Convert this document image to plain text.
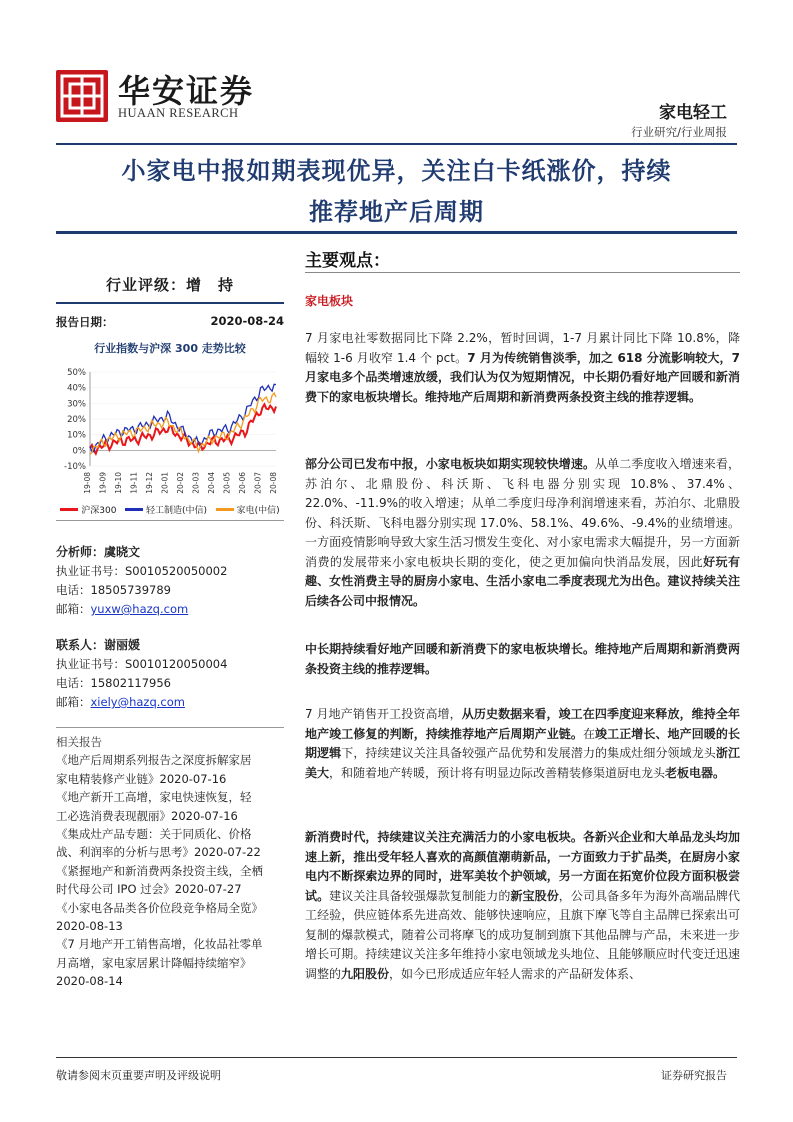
华安证券
HUAAN RESEARCH	家电轻工
行业研究/行业周报
小家电中报如期表现优异，关注白卡纸涨价，持续
推荐地产后周期
行业评级：增　持
报告日期：	2020-08-24
行业指数与沪深 300 走势比较
50%
40%
30%
20%
10%
0%
-10%
19-08 19-09 19-10 19-11 19-12 20-01 20-02 20-03 20-04 20-05 20-06 20-07 20-08
沪深300	轻工制造(中信)	家电(中信)
分析师：虞晓文
执业证书号：S0010520050002
电话：18505739789
邮箱：yuxw@hazq.com
联系人：谢丽媛
执业证书号：S0010120050004
电话：15802117956
邮箱：xiely@hazq.com
相关报告
《地产后周期系列报告之深度拆解家居
家电精装修产业链》2020-07-16
《地产新开工高增，家电快速恢复，轻
工必选消费表现靓丽》2020-07-16
《集成灶产品专题：关于同质化、价格
战、利润率的分析与思考》2020-07-22
《紧握地产和新消费两条投资主线，全栖
时代母公司 IPO 过会》2020-07-27
《小家电各品类各价位段竞争格局全览》
2020-08-13
《7 月地产开工销售高增，化妆品社零单
月高增，家电家居累计降幅持续缩窄》
2020-08-14
主要观点：
家电板块
7 月家电社零数据同比下降 2.2%，暂时回调，1-7 月累计同比下降 10.8%，降幅较 1-6 月收窄 1.4 个 pct。7 月为传统销售淡季，加之 618 分流影响较大，7 月家电多个品类增速放缓，我们认为仅为短期情况，中长期仍看好地产回暖和新消费下的家电板块增长。维持地产后周期和新消费两条投资主线的推荐逻辑。
部分公司已发布中报，小家电板块如期实现较快增速。从单二季度收入增速来看，苏泊尔、北鼎股份、科沃斯、飞科电器分别实现 10.8%、37.4%、22.0%、-11.9%的收入增速；从单二季度归母净利润增速来看，苏泊尔、北鼎股份、科沃斯、飞科电器分别实现 17.0%、58.1%、49.6%、-9.4%的业绩增速。一方面疫情影响导致大家生活习惯发生变化、对小家电需求大幅提升，另一方面新消费的发展带来小家电板块长期的变化，使之更加偏向快消品发展，因此好玩有趣、女性消费主导的厨房小家电、生活小家电二季度表现尤为出色。建议持续关注后续各公司中报情况。
中长期持续看好地产回暖和新消费下的家电板块增长。维持地产后周期和新消费两条投资主线的推荐逻辑。
7 月地产销售开工投资高增，从历史数据来看，竣工在四季度迎来释放，维持全年地产竣工修复的判断，持续推荐地产后周期产业链。在竣工正增长、地产回暖的长期逻辑下，持续建议关注具备较强产品优势和发展潜力的集成灶细分领域龙头浙江美大，和随着地产转暖，预计将有明显边际改善精装修渠道厨电龙头老板电器。
新消费时代，持续建议关注充满活力的小家电板块。各新兴企业和大单品龙头均加速上新，推出受年轻人喜欢的高颜值潮萌新品，一方面致力于扩品类，在厨房小家电内不断探索边界的同时，进军美妆个护领域，另一方面在拓宽价位段方面积极尝试。建议关注具备较强爆款复制能力的新宝股份，公司具备多年为海外高端品牌代工经验，供应链体系先进高效、能够快速响应，且旗下摩飞等自主品牌已探索出可复制的爆款模式，随着公司将摩飞的成功复制到旗下其他品牌与产品，未来进一步增长可期。持续建议关注多年维持小家电领域龙头地位、且能够顺应时代变迁迅速调整的九阳股份，如今已形成适应年轻人需求的产品研发体系、
敬请参阅末页重要声明及评级说明	证券研究报告
